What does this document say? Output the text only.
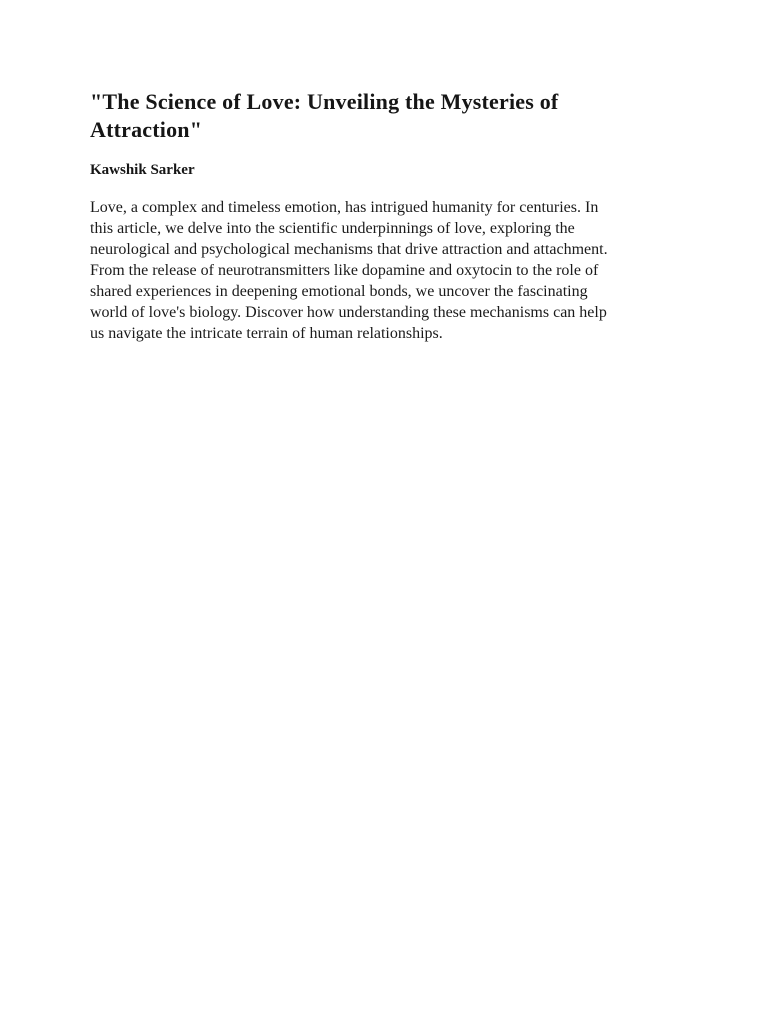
"The Science of Love: Unveiling the Mysteries of
Attraction"
Kawshik Sarker

Love, a complex and timeless emotion, has intrigued humanity for centuries. In
this article, we delve into the scientific underpinnings of love, exploring the
neurological and psychological mechanisms that drive attraction and attachment.
From the release of neurotransmitters like dopamine and oxytocin to the role of
shared experiences in deepening emotional bonds, we uncover the fascinating
world of love's biology. Discover how understanding these mechanisms can help
us navigate the intricate terrain of human relationships.
